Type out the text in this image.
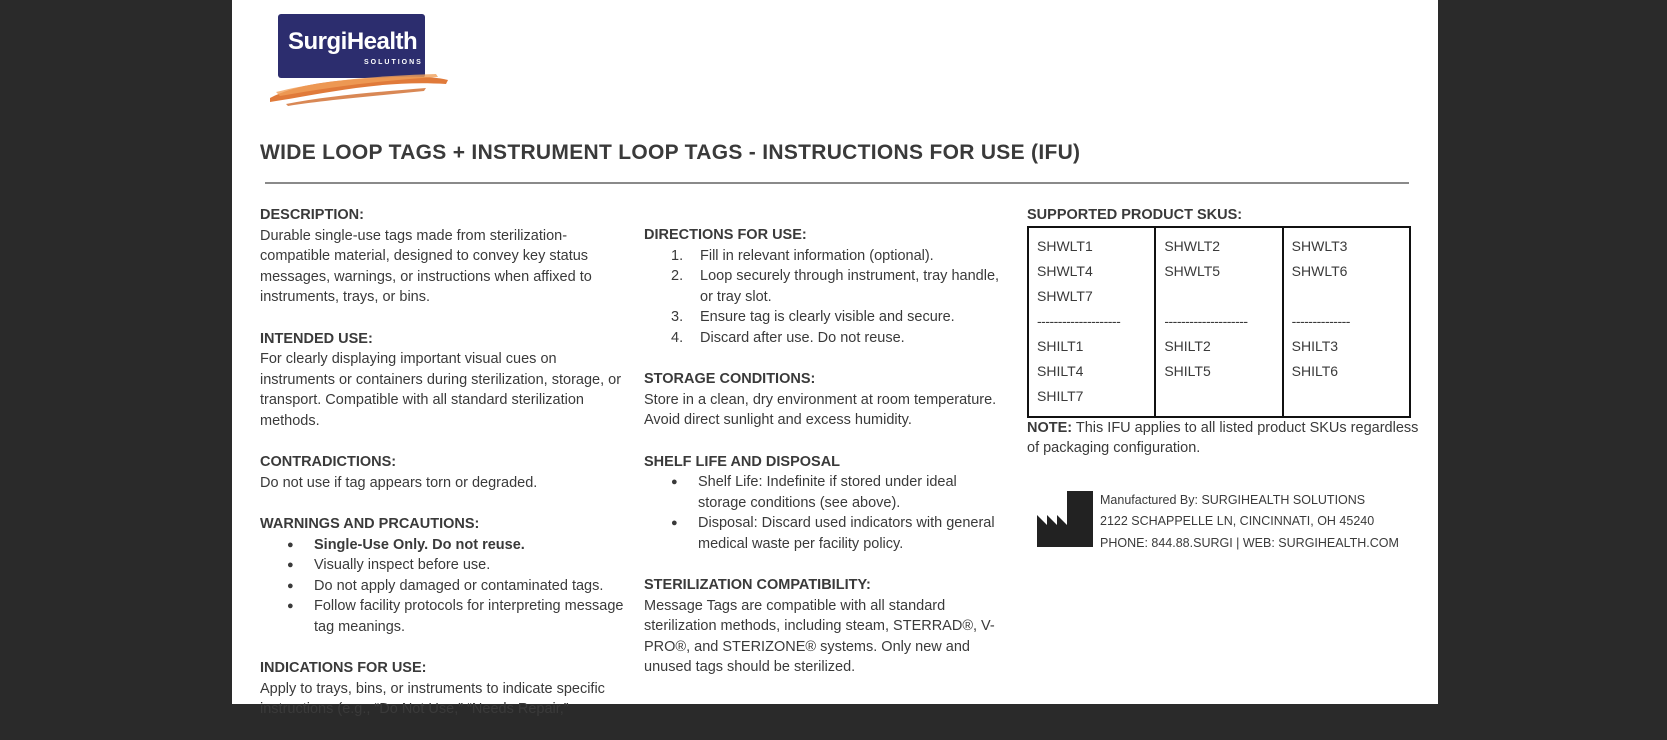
SurgiHealth
SOLUTIONS
WIDE LOOP TAGS + INSTRUMENT LOOP TAGS - INSTRUCTIONS FOR USE (IFU)
DESCRIPTION:

Durable single-use tags made from sterilization-compatible material, designed to convey key status messages, warnings, or instructions when affixed to instruments, trays, or bins.

INTENDED USE:

For clearly displaying important visual cues on instruments or containers during sterilization, storage, or transport. Compatible with all standard sterilization methods.

CONTRADICTIONS:

Do not use if tag appears torn or degraded.

WARNINGS AND PRCAUTIONS:
● Single-Use Only. Do not reuse.
● Visually inspect before use.
● Do not apply damaged or contaminated tags.
● Follow facility protocols for interpreting message tag meanings.
INDICATIONS FOR USE:

Apply to trays, bins, or instruments to indicate specific instructions (e.g., “Do Not Use,” “Needs Repair,”

DIRECTIONS FOR USE:
1. Fill in relevant information (optional).
2. Loop securely through instrument, tray handle, or tray slot.
3. Ensure tag is clearly visible and secure.
4. Discard after use. Do not reuse.
STORAGE CONDITIONS:

Store in a clean, dry environment at room temperature. Avoid direct sunlight and excess humidity.

SHELF LIFE AND DISPOSAL
● Shelf Life: Indefinite if stored under ideal storage conditions (see above).
● Disposal: Discard used indicators with general medical waste per facility policy.
STERILIZATION COMPATIBILITY:

Message Tags are compatible with all standard sterilization methods, including steam, STERRAD®, V-PRO®, and STERIZONE® systems. Only new and unused tags should be sterilized.

SUPPORTED PRODUCT SKUS:
SHWLT1
SHWLT4
SHWLT7
--------------------
SHILT1
SHILT4
SHILT7
SHWLT2
SHWLT5

--------------------
SHILT2
SHILT5
SHWLT3
SHWLT6

--------------
SHILT3
SHILT6

NOTE: This IFU applies to all listed product SKUs regardless of packaging configuration.

Manufactured By: SURGIHEALTH SOLUTIONS
2122 SCHAPPELLE LN, CINCINNATI, OH 45240
PHONE: 844.88.SURGI | WEB: SURGIHEALTH.COM
